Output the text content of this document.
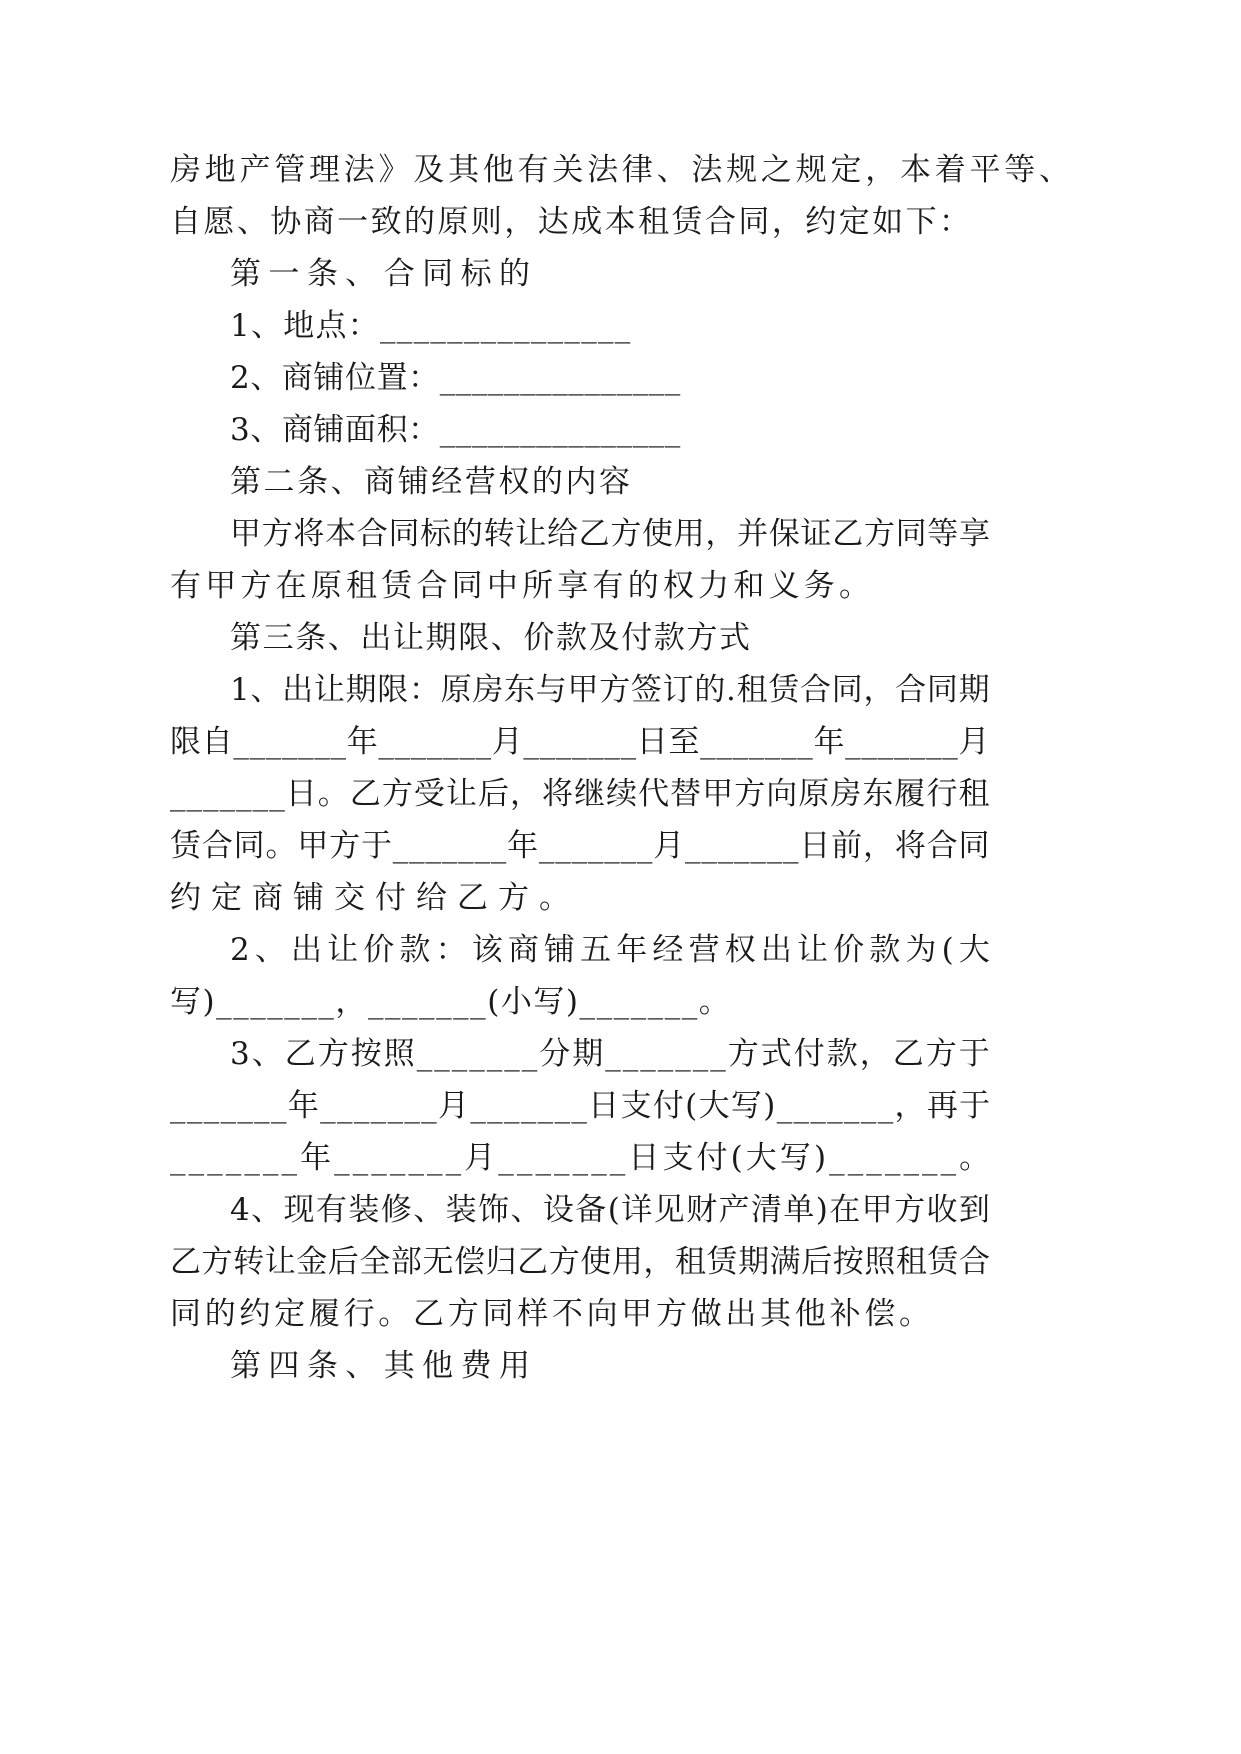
房地产管理法》及其他有关法律、法规之规定，本着平等、
自愿、协商一致的原则，达成本租赁合同，约定如下：
第一条、合同标的
1、地点：_______________
2、商铺位置：_______________
3、商铺面积：_______________
第二条、商铺经营权的内容
甲方将本合同标的转让给乙方使用，并保证乙方同等享
有甲方在原租赁合同中所享有的权力和义务。
第三条、出让期限、价款及付款方式
1、出让期限：原房东与甲方签订的.租赁合同，合同期
限自_______年_______月_______日至_______年_______月
_______日。乙方受让后，将继续代替甲方向原房东履行租
赁合同。甲方于_______年_______月_______日前，将合同
约定商铺交付给乙方。
2、出让价款：该商铺五年经营权出让价款为(大
写)_______，_______(小写)_______。
3、乙方按照_______分期_______方式付款，乙方于
_______年_______月_______日支付(大写)_______，再于
_______年_______月_______日支付(大写)_______。
4、现有装修、装饰、设备(详见财产清单)在甲方收到
乙方转让金后全部无偿归乙方使用，租赁期满后按照租赁合
同的约定履行。乙方同样不向甲方做出其他补偿。
第四条、其他费用
